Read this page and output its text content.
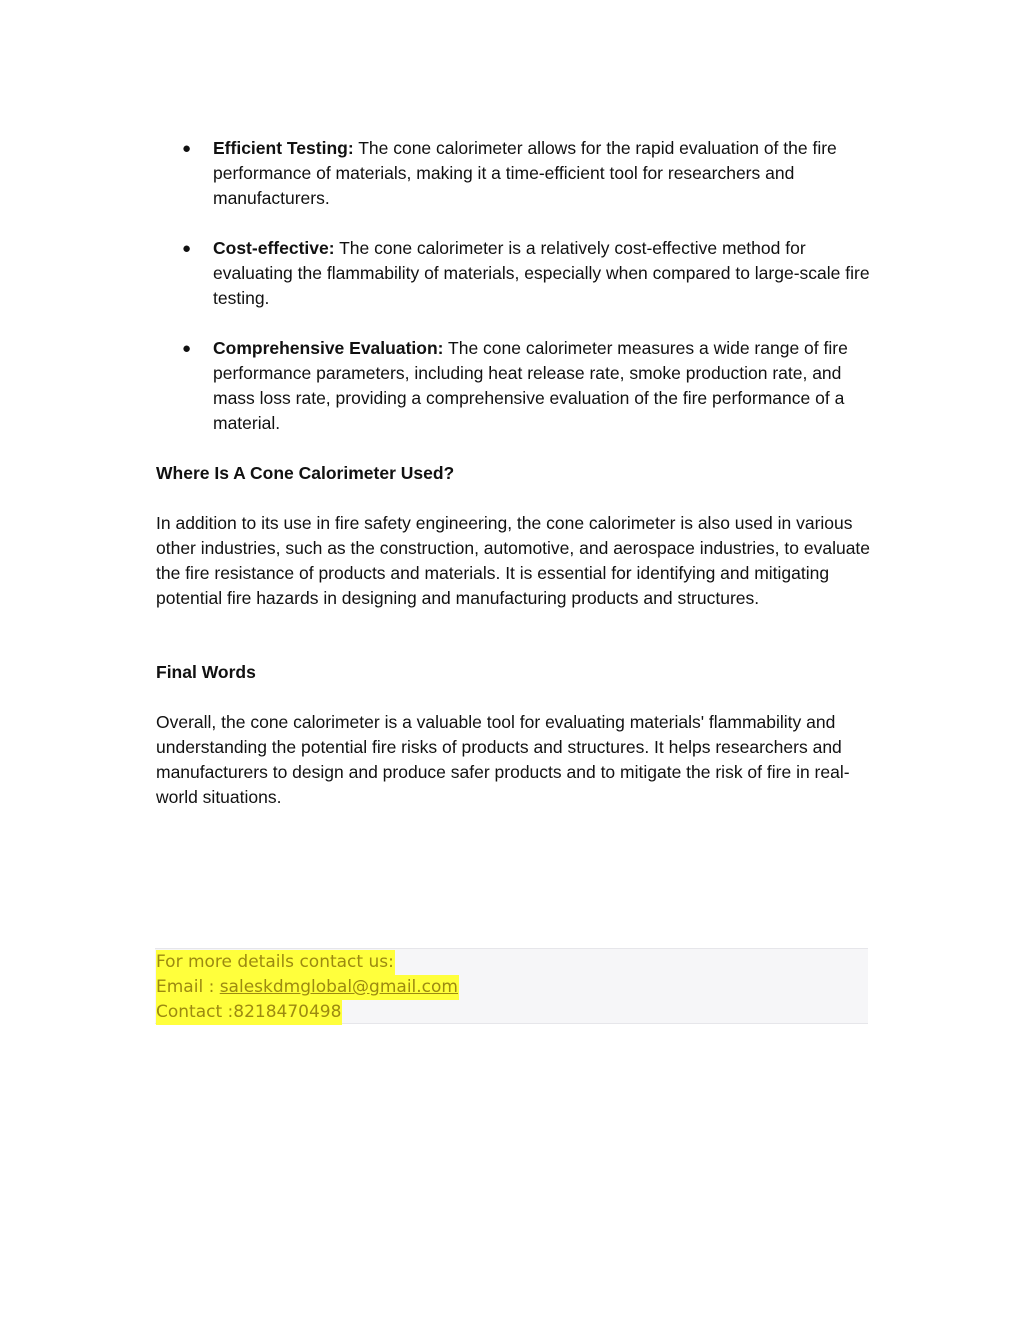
● Efficient Testing: The cone calorimeter allows for the rapid evaluation of the fire performance of materials, making it a time-efficient tool for researchers and manufacturers.
● Cost-effective: The cone calorimeter is a relatively cost-effective method for evaluating the flammability of materials, especially when compared to large-scale fire testing.
● Comprehensive Evaluation: The cone calorimeter measures a wide range of fire performance parameters, including heat release rate, smoke production rate, and mass loss rate, providing a comprehensive evaluation of the fire performance of a material.

Where Is A Cone Calorimeter Used?

In addition to its use in fire safety engineering, the cone calorimeter is also used in various other industries, such as the construction, automotive, and aerospace industries, to evaluate the fire resistance of products and materials. It is essential for identifying and mitigating potential fire hazards in designing and manufacturing products and structures.

Final Words

Overall, the cone calorimeter is a valuable tool for evaluating materials' flammability and understanding the potential fire risks of products and structures. It helps researchers and manufacturers to design and produce safer products and to mitigate the risk of fire in real-world situations.

For more details contact us:
Email : saleskdmglobal@gmail.com
Contact :8218470498
